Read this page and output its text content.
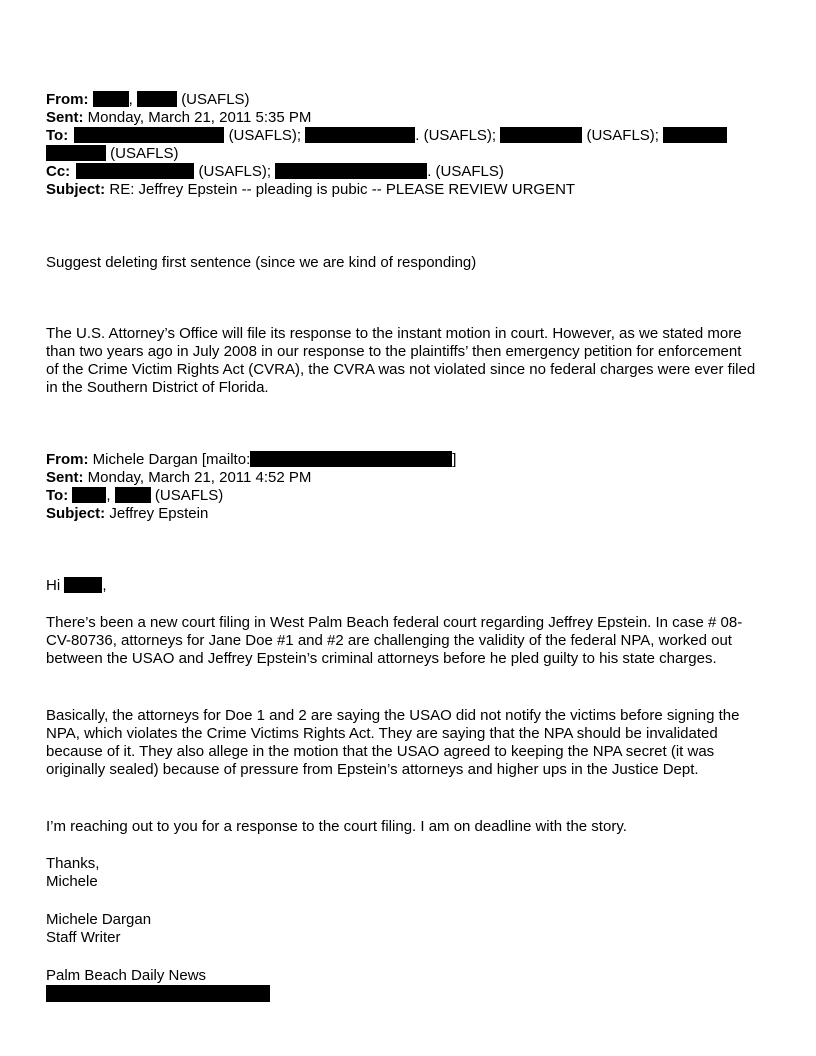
From:	,	(USAFLS)
Sent: Monday, March 21, 2011 5:35 PM
To:	(USAFLS);	. (USAFLS);	(USAFLS);
(USAFLS)
Cc:	(USAFLS);	. (USAFLS)
Subject: RE: Jeffrey Epstein -- pleading is pubic -- PLEASE REVIEW URGENT

Suggest deleting first sentence (since we are kind of responding)

The U.S. Attorney’s Office will file its response to the instant motion in court. However, as we stated more than two years ago in July 2008 in our response to the plaintiffs’ then emergency petition for enforcement of the Crime Victim Rights Act (CVRA), the CVRA was not violated since no federal charges were ever filed in the Southern District of Florida.

From: Michele Dargan [mailto:	]
Sent: Monday, March 21, 2011 4:52 PM
To:	,	(USAFLS)
Subject: Jeffrey Epstein
Hi	,

There’s been a new court filing in West Palm Beach federal court regarding Jeffrey Epstein. In case # 08-CV-80736, attorneys for Jane Doe #1 and #2 are challenging the validity of the federal NPA, worked out between the USAO and Jeffrey Epstein’s criminal attorneys before he pled guilty to his state charges.

Basically, the attorneys for Doe 1 and 2 are saying the USAO did not notify the victims before signing the NPA, which violates the Crime Victims Rights Act. They are saying that the NPA should be invalidated because of it. They also allege in the motion that the USAO agreed to keeping the NPA secret (it was originally sealed) because of pressure from Epstein’s attorneys and higher ups in the Justice Dept.

I’m reaching out to you for a response to the court filing. I am on deadline with the story.

Thanks,
Michele
Michele Dargan
Staff Writer
Palm Beach Daily News
